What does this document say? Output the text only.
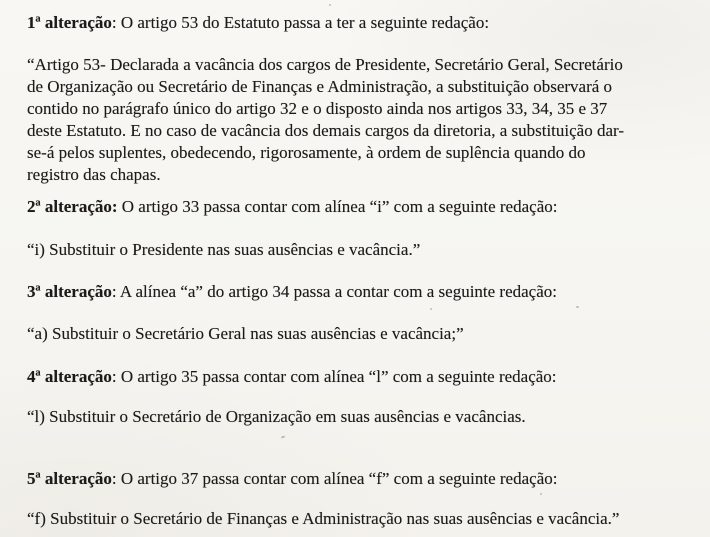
1ª alteração: O artigo 53 do Estatuto passa a ter a seguinte redação:

“Artigo 53- Declarada a vacância dos cargos de Presidente, Secretário Geral, Secretário
de Organização ou Secretário de Finanças e Administração, a substituição observará o
contido no parágrafo único do artigo 32 e o disposto ainda nos artigos 33, 34, 35 e 37
deste Estatuto. E no caso de vacância dos demais cargos da diretoria, a substituição dar-
se-á pelos suplentes, obedecendo, rigorosamente, à ordem de suplência quando do
registro das chapas.

2ª alteração: O artigo 33 passa contar com alínea “i” com a seguinte redação:

“i) Substituir o Presidente nas suas ausências e vacância.”

3ª alteração: A alínea “a” do artigo 34 passa a contar com a seguinte redação:

“a) Substituir o Secretário Geral nas suas ausências e vacância;”

4ª alteração: O artigo 35 passa contar com alínea “l” com a seguinte redação:

“l) Substituir o Secretário de Organização em suas ausências e vacâncias.

5ª alteração: O artigo 37 passa contar com alínea “f” com a seguinte redação:

“f) Substituir o Secretário de Finanças e Administração nas suas ausências e vacância.”
